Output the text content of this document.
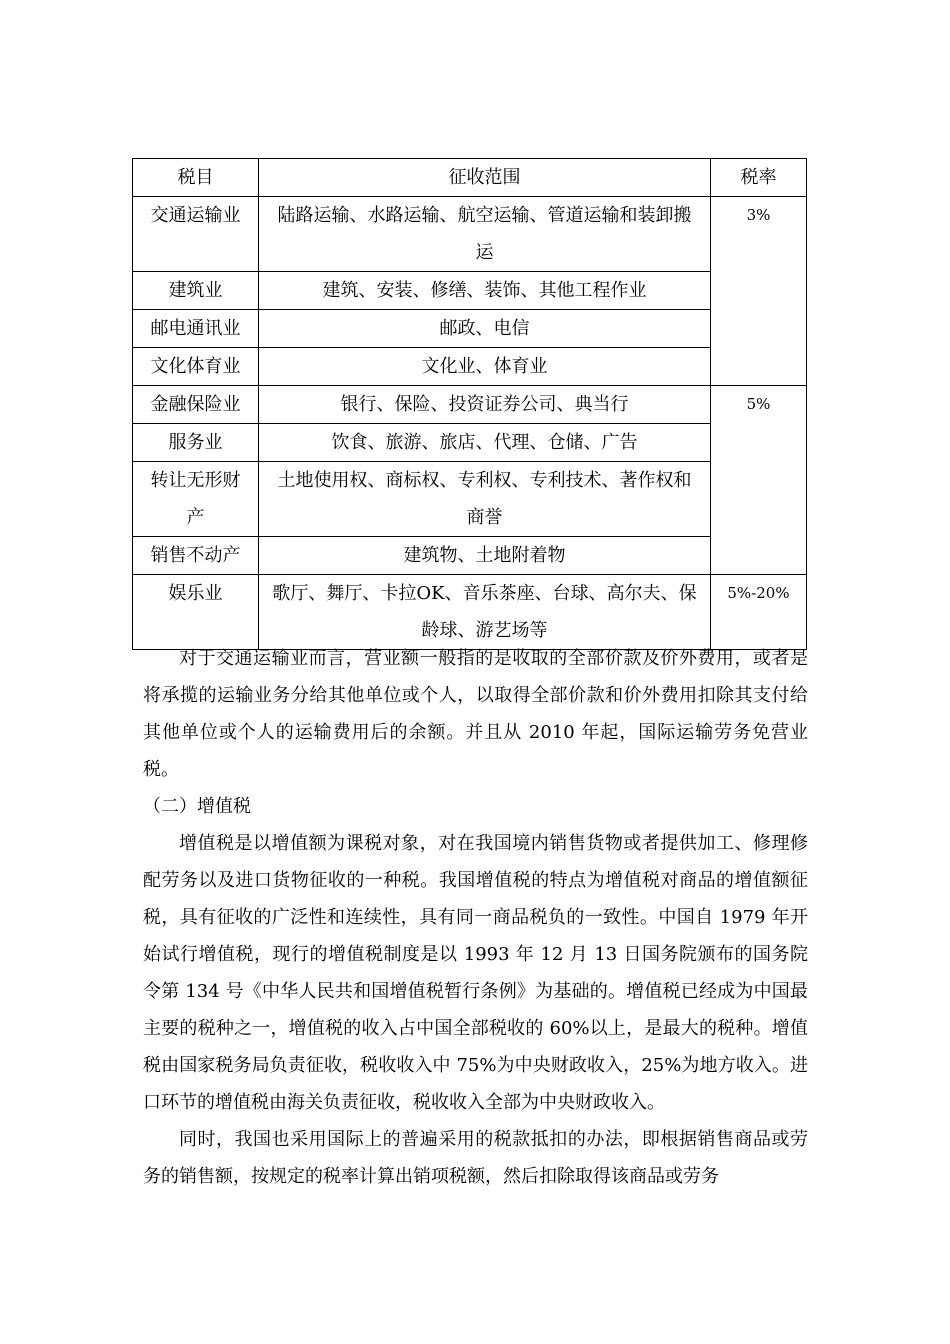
税目	征收范围	税率
交通运输业	陆路运输、水路运输、航空运输、管道运输和装卸搬运	3%
建筑业	建筑、安装、修缮、装饰、其他工程作业	
邮电通讯业	邮政、电信	
文化体育业	文化业、体育业	
金融保险业	银行、保险、投资证券公司、典当行	5%
服务业	饮食、旅游、旅店、代理、仓储、广告	
转让无形财产	土地使用权、商标权、专利权、专利技术、著作权和商誉	
销售不动产	建筑物、土地附着物	
娱乐业	歌厅、舞厅、卡拉OK、音乐茶座、台球、高尔夫、保龄球、游艺场等	5%-20%

对于交通运输业而言，营业额一般指的是收取的全部价款及价外费用，或者是将承揽的运输业务分给其他单位或个人，以取得全部价款和价外费用扣除其支付给其他单位或个人的运输费用后的余额。并且从 2010 年起，国际运输劳务免营业税。

（二）增值税

增值税是以增值额为课税对象，对在我国境内销售货物或者提供加工、修理修配劳务以及进口货物征收的一种税。我国增值税的特点为增值税对商品的增值额征税，具有征收的广泛性和连续性，具有同一商品税负的一致性。中国自 1979 年开始试行增值税，现行的增值税制度是以 1993 年 12 月 13 日国务院颁布的国务院令第 134 号《中华人民共和国增值税暂行条例》为基础的。增值税已经成为中国最主要的税种之一，增值税的收入占中国全部税收的 60%以上，是最大的税种。增值税由国家税务局负责征收，税收收入中 75%为中央财政收入，25%为地方收入。进口环节的增值税由海关负责征收，税收收入全部为中央财政收入。

同时，我国也采用国际上的普遍采用的税款抵扣的办法，即根据销售商品或劳务的销售额，按规定的税率计算出销项税额，然后扣除取得该商品或劳务
